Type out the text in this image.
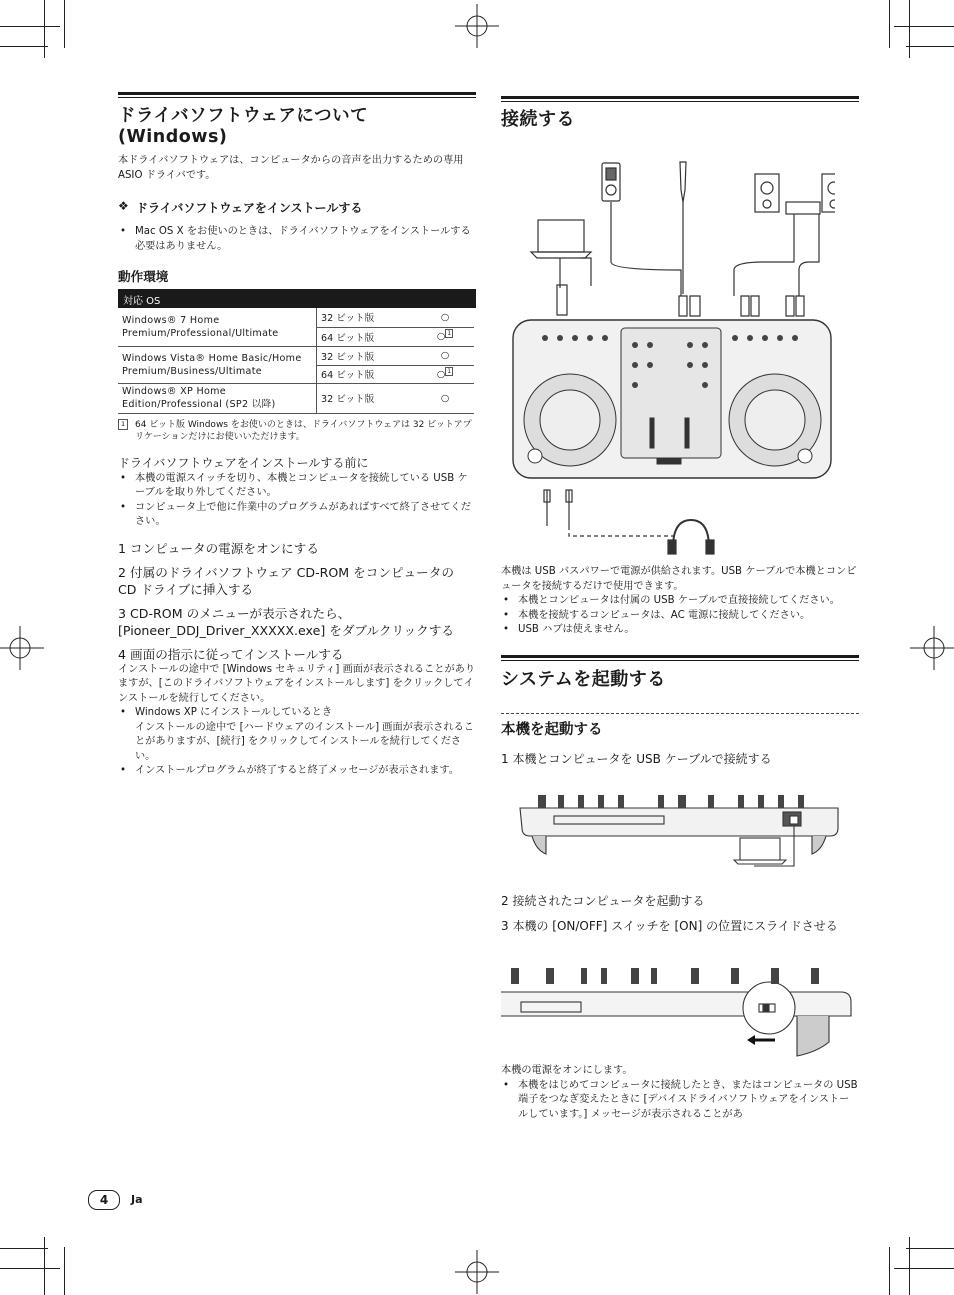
ドライバソフトウェアについて (Windows)
本ドライバソフトウェアは、コンピュータからの音声を出力するための専用 ASIO ドライバです。
❖ ドライバソフトウェアをインストールする
• Mac OS X をお使いのときは、ドライバソフトウェアをインストールする必要はありません。
動作環境
対応 OS
Windows® 7 Home Premium/Professional/Ultimate	32 ビット版	○
	64 ビット版	○ $^1$
Windows Vista® Home Basic/Home Premium/Business/Ultimate	32 ビット版	○
	64 ビット版	○ $^1$
Windows® XP Home Edition/Professional (SP2 以降)	32 ビット版	○
1	64 ビット版 Windows をお使いのときは、ドライバソフトウェアは 32 ビットアプリケーションだけにお使いいただけます。
ドライバソフトウェアをインストールする前に
• 本機の電源スイッチを切り、本機とコンピュータを接続している USB ケーブルを取り外してください。
• コンピュータ上で他に作業中のプログラムがあればすべて終了させてください。
1 コンピュータの電源をオンにする
2 付属のドライバソフトウェア CD-ROM をコンピュータの CD ドライブに挿入する
3 CD-ROM のメニューが表示されたら、[Pioneer_DDJ_Driver_XXXXX.exe] をダブルクリックする
4 画面の指示に従ってインストールする
インストールの途中で [Windows セキュリティ] 画面が表示されることがありますが、[このドライバソフトウェアをインストールします] をクリックしてインストールを続行してください。
• Windows XP にインストールしているとき
インストールの途中で [ハードウェアのインストール] 画面が表示されることがありますが、[続行] をクリックしてインストールを続行してください。
• インストールプログラムが終了すると終了メッセージが表示されます。
接続する
本機は USB バスパワーで電源が供給されます。USB ケーブルで本機とコンピュータを接続するだけで使用できます。
• 本機とコンピュータは付属の USB ケーブルで直接接続してください。
• 本機を接続するコンピュータは、AC 電源に接続してください。
• USB ハブは使えません。
システムを起動する
本機を起動する
1 本機とコンピュータを USB ケーブルで接続する
2 接続されたコンピュータを起動する
3 本機の [ON/OFF] スイッチを [ON] の位置にスライドさせる
本機の電源をオンにします。
• 本機をはじめてコンピュータに接続したとき、またはコンピュータの USB 端子をつなぎ変えたときに [デバイスドライバソフトウェアをインストールしています。] メッセージが表示されることがあ
4	Ja
